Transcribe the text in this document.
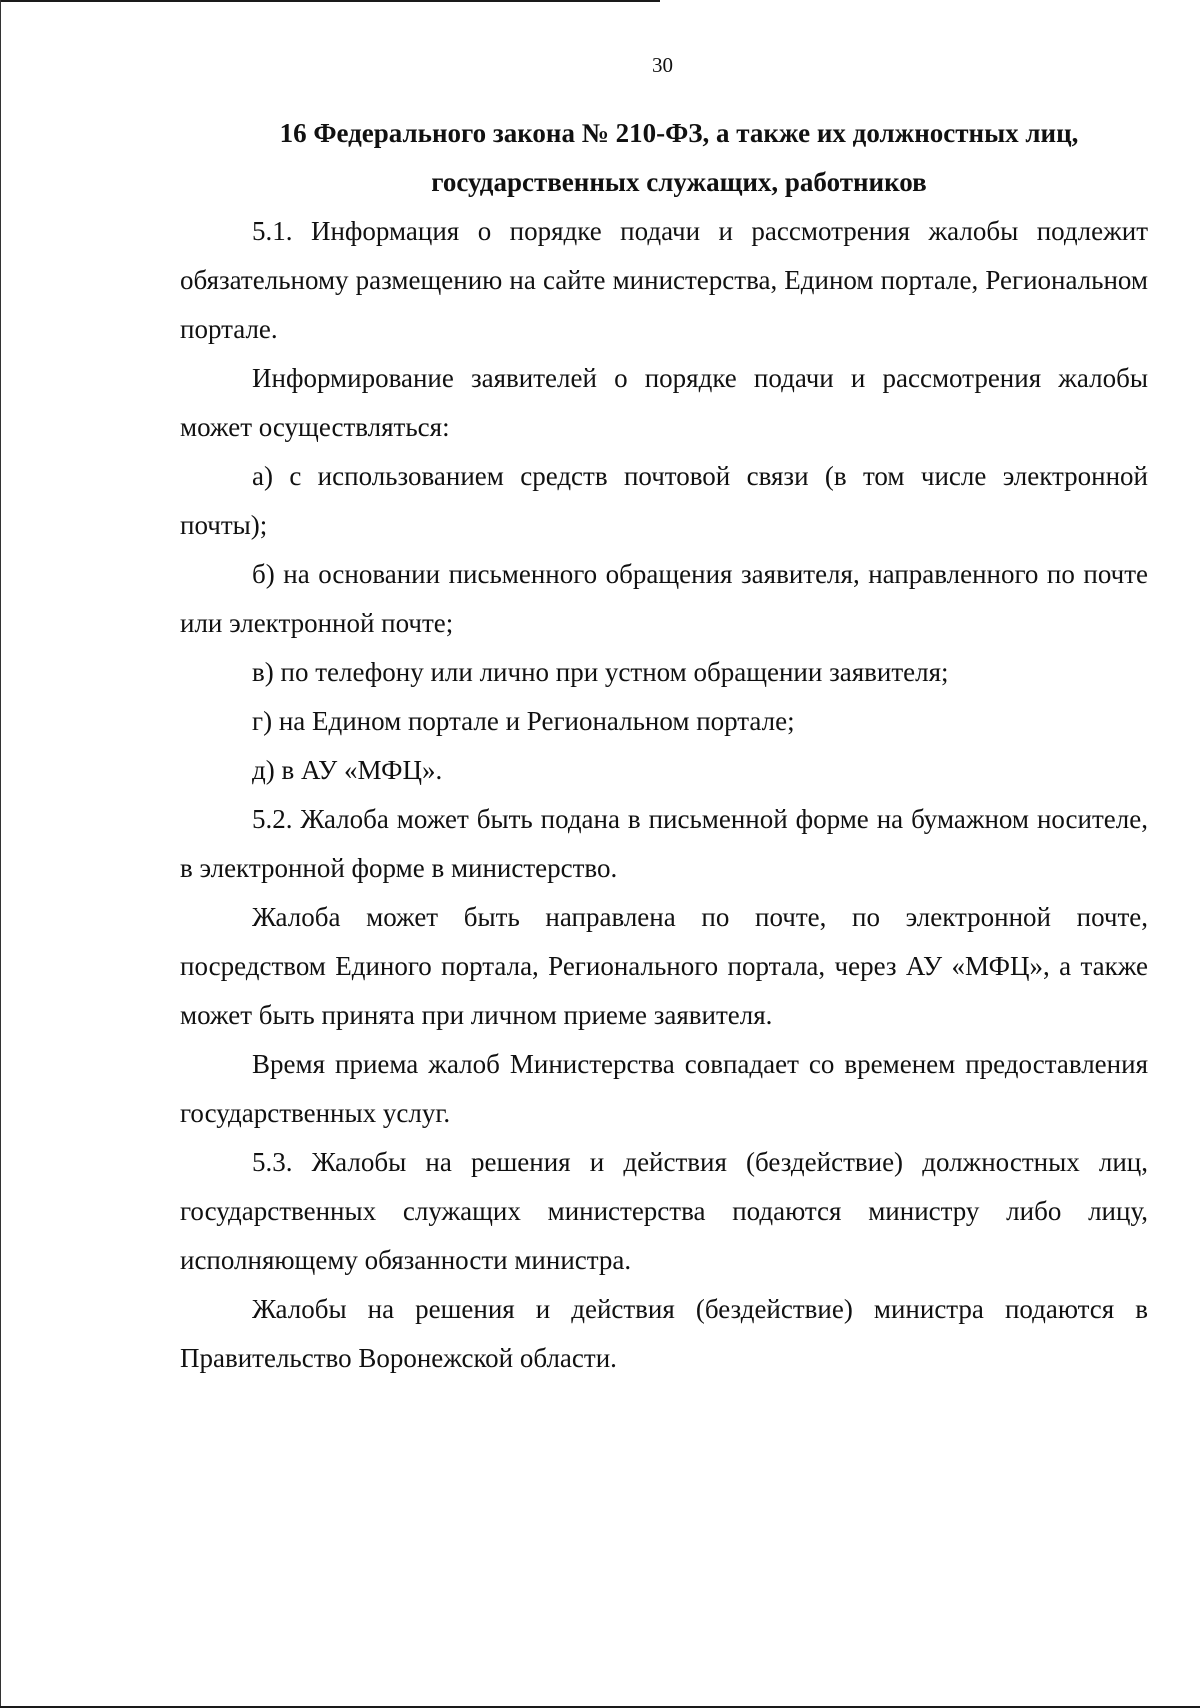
30

16 Федерального закона № 210-ФЗ, а также их должностных лиц,

государственных служащих, работников

5.1. Информация о порядке подачи и рассмотрения жалобы подлежит обязательному размещению на сайте министерства, Едином портале, Региональном портале.

Информирование заявителей о порядке подачи и рассмотрения жалобы может осуществляться:

а) с использованием средств почтовой связи (в том числе электронной почты);

б) на основании письменного обращения заявителя, направленного по почте или электронной почте;

в) по телефону или лично при устном обращении заявителя;

г) на Едином портале и Региональном портале;

д) в АУ «МФЦ».

5.2. Жалоба может быть подана в письменной форме на бумажном носителе, в электронной форме в министерство.

Жалоба может быть направлена по почте, по электронной почте, посредством Единого портала, Регионального портала, через АУ «МФЦ», а также может быть принята при личном приеме заявителя.

Время приема жалоб Министерства совпадает со временем предоставления государственных услуг.

5.3. Жалобы на решения и действия (бездействие) должностных лиц, государственных служащих министерства подаются министру либо лицу, исполняющему обязанности министра.

Жалобы на решения и действия (бездействие) министра подаются в Правительство Воронежской области.
